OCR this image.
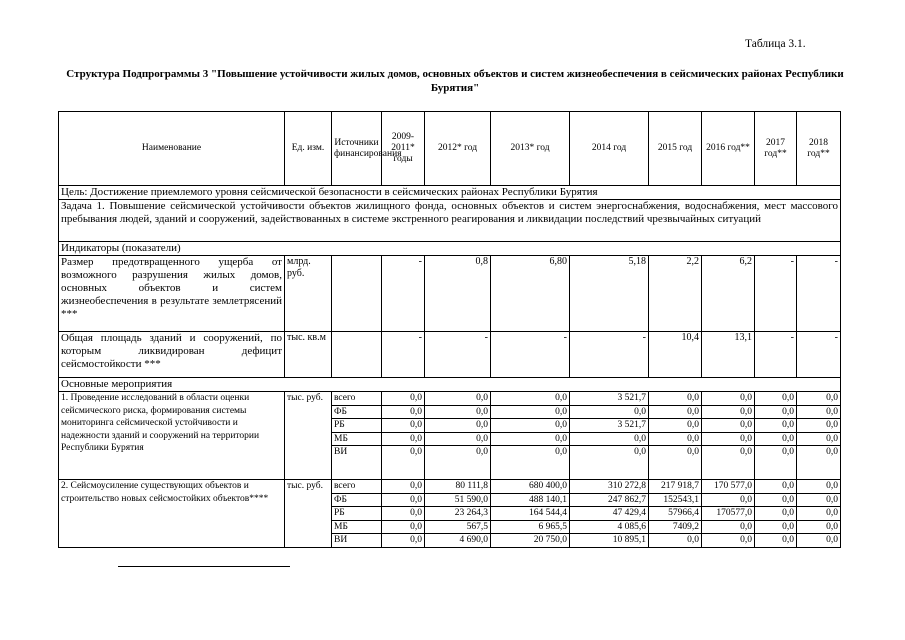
Таблица 3.1.
Структура Подпрограммы 3 "Повышение устойчивости жилых домов, основных объектов и систем жизнеобеспечения в сейсмических районах Республики Бурятия"
Наименование	Ед. изм.	Источники финансирования	2009-2011* годы	2012* год	2013* год	2014 год	2015 год	2016 год**	2017 год**	2018 год**
Цель: Достижение приемлемого уровня сейсмической безопасности в сейсмических районах Республики Бурятия										
Задача 1. Повышение сейсмической устойчивости объектов жилищного фонда, основных объектов и систем энергоснабжения, водоснабжения, мест массового пребывания людей, зданий и сооружений, задействованных в системе экстренного реагирования и ликвидации последствий чрезвычайных ситуаций										
Индикаторы (показатели)										
Размер предотвращенного ущерба от возможного разрушения жилых домов, основных объектов и систем жизнеобеспечения в результате землетрясений ***	млрд. руб.		-	0,8	6,80	5,18	2,2	6,2	-	-
Общая площадь зданий и сооружений, по которым ликвидирован дефицит сейсмостойкости ***	тыс. кв.м		-	-	-	-	10,4	13,1	-	-
Основные мероприятия										
1. Проведение исследований в области оценки сейсмического риска, формирования системы мониторинга сейсмической устойчивости и надежности зданий и сооружений на территории Республики Бурятия	тыс. руб.	всего	0,0	0,0	0,0	3 521,7	0,0	0,0	0,0	0,0
		ФБ	0,0	0,0	0,0	0,0	0,0	0,0	0,0	0,0
		РБ	0,0	0,0	0,0	3 521,7	0,0	0,0	0,0	0,0
		МБ	0,0	0,0	0,0	0,0	0,0	0,0	0,0	0,0
		ВИ	0,0	0,0	0,0	0,0	0,0	0,0	0,0	0,0
2. Сейсмоусиление существующих объектов и строительство новых сейсмостойких объектов****	тыс. руб.	всего	0,0	80 111,8	680 400,0	310 272,8	217 918,7	170 577,0	0,0	0,0
		ФБ	0,0	51 590,0	488 140,1	247 862,7	152543,1	0,0	0,0	0,0
		РБ	0,0	23 264,3	164 544,4	47 429,4	57966,4	170577,0	0,0	0,0
		МБ	0,0	567,5	6 965,5	4 085,6	7409,2	0,0	0,0	0,0
		ВИ	0,0	4 690,0	20 750,0	10 895,1	0,0	0,0	0,0	0,0
